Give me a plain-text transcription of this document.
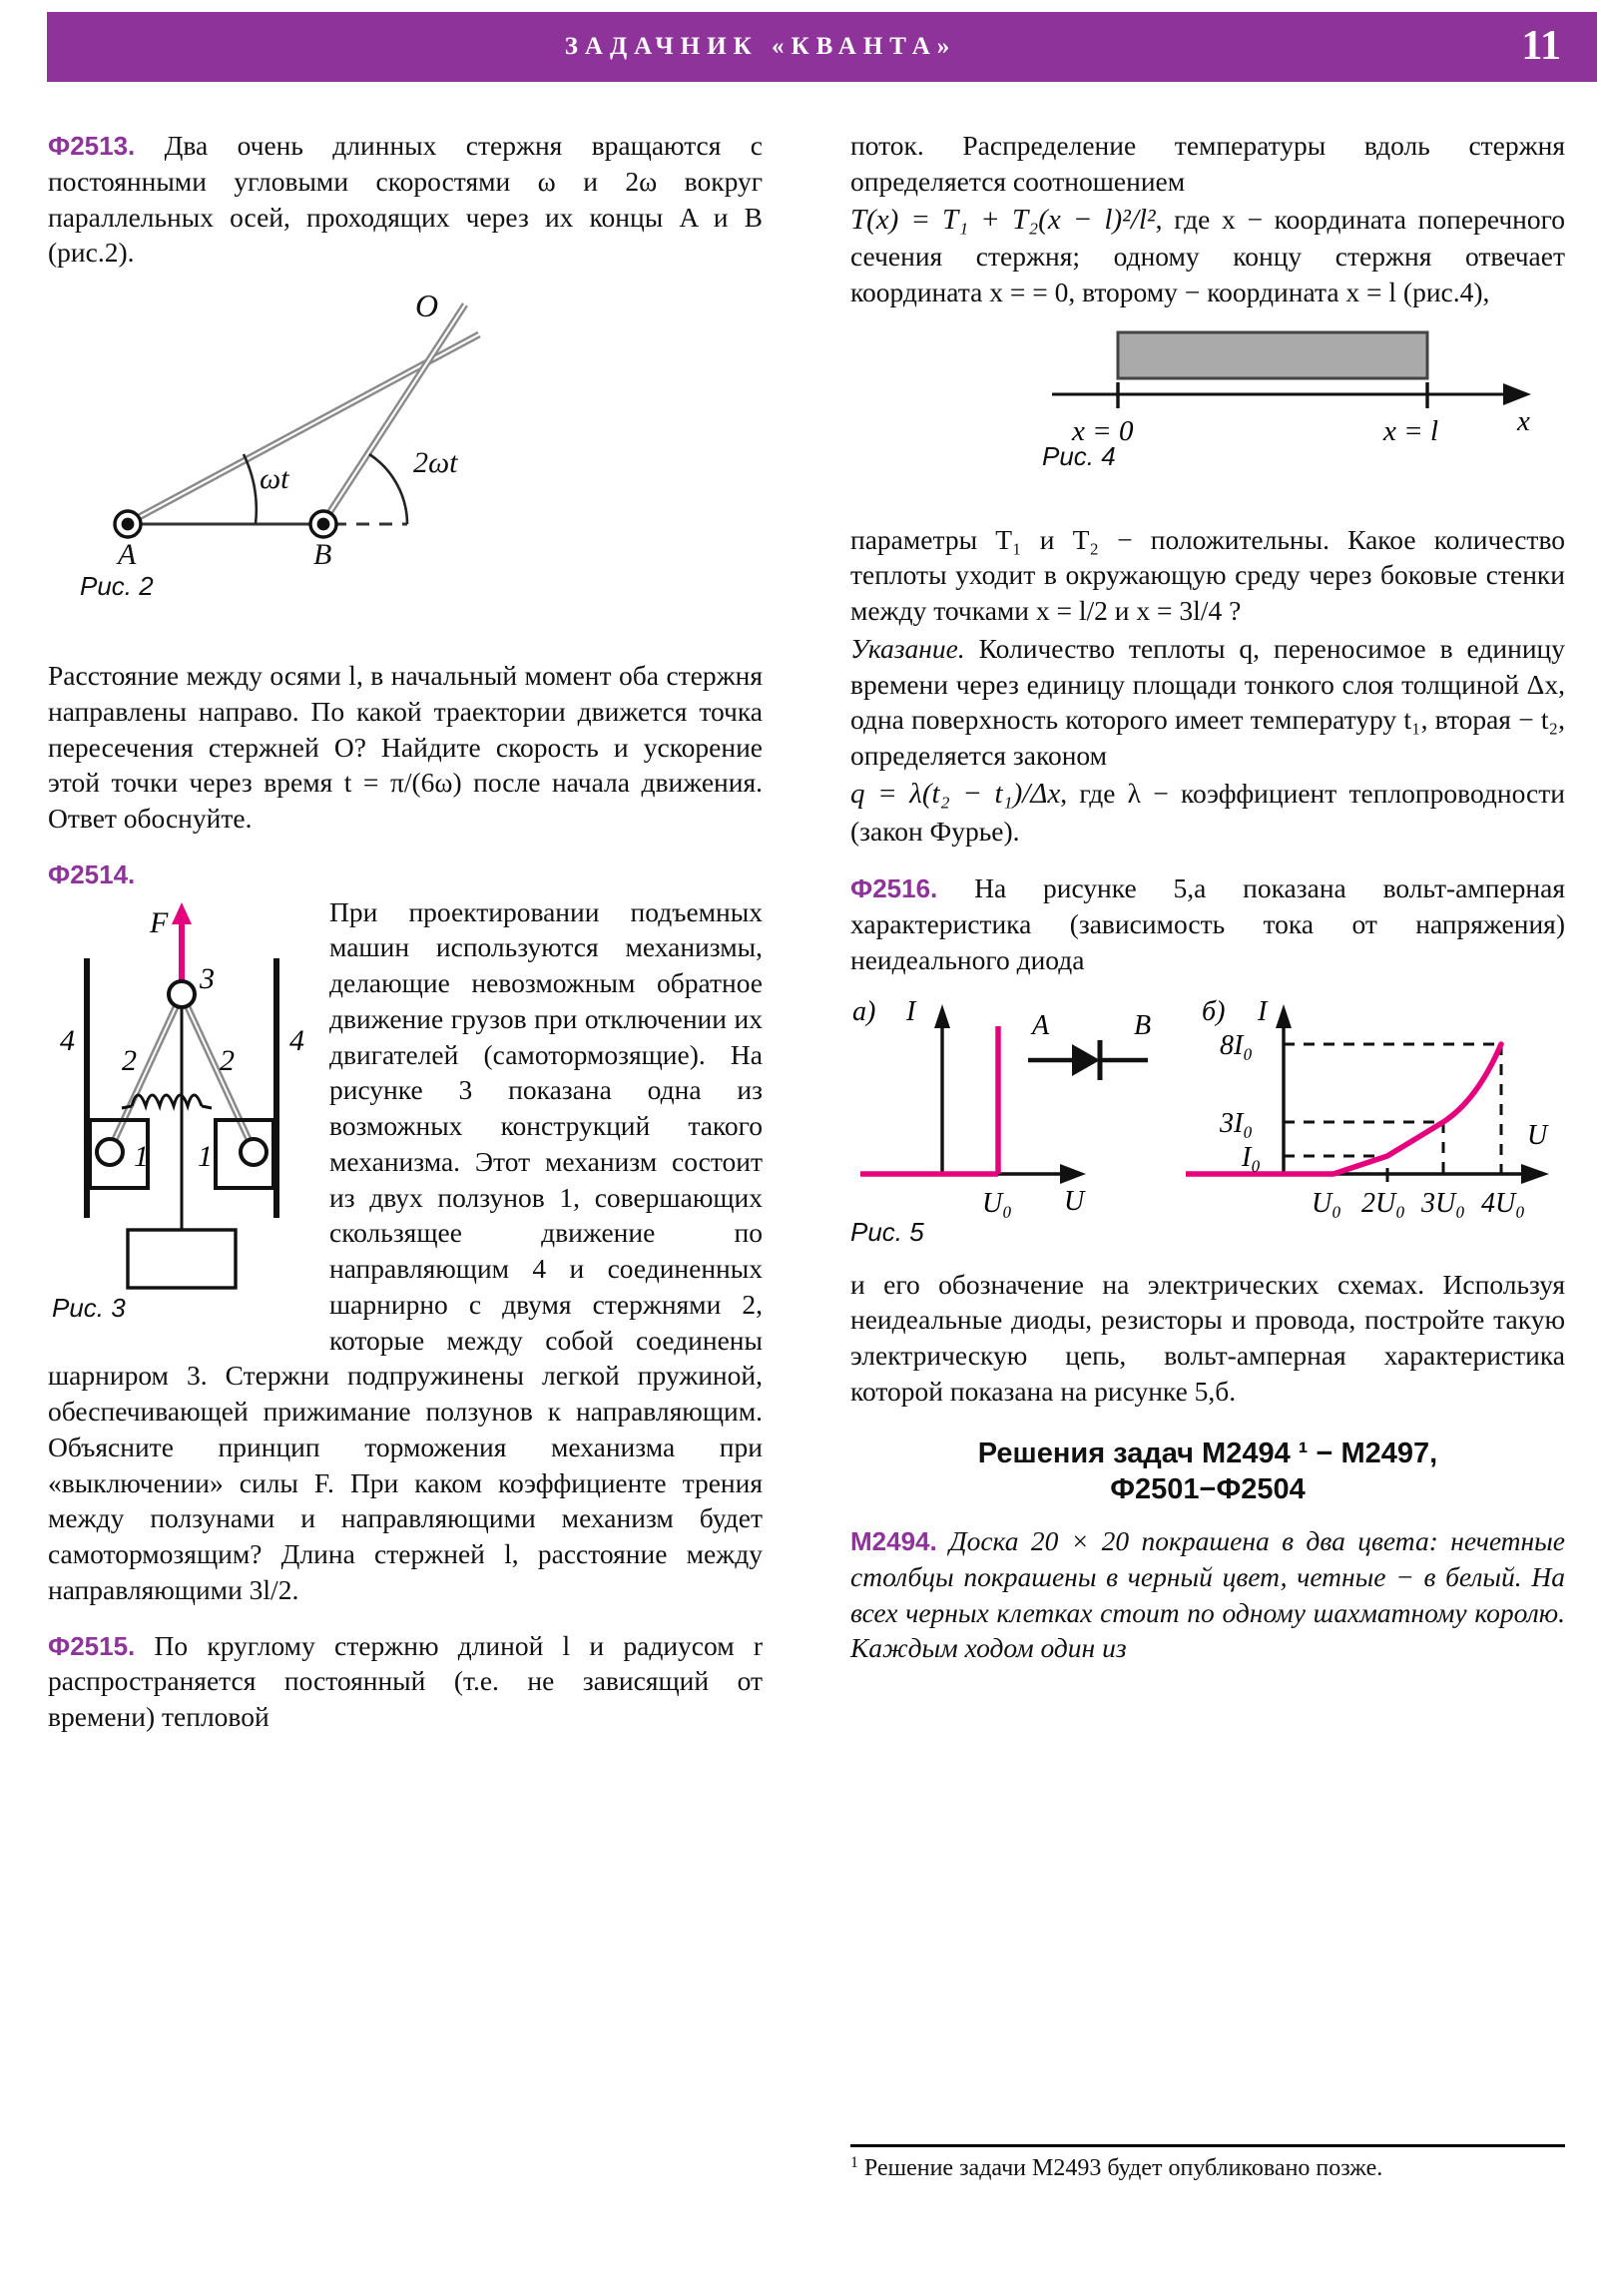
ЗАДАЧНИК «КВАНТА»	11

Ф2513. Два очень длинных стержня вращаются с постоянными угловыми скоростями ω и 2ω вокруг параллельных осей, проходящих через их концы A и B (рис.2).

A	B
O
ωt	2ωt
Рис. 2

Расстояние между осями l, в начальный момент оба стержня направлены направо. По какой траектории движется точка пересечения стержней O? Найдите скорость и ускорение этой точки через время t = π/(6ω) после начала движения. Ответ обоснуйте.

Ф2514.

F
3
4	4
2	2
1 1
Рис. 3

При проектировании подъемных машин используются механизмы, делающие невозможным обратное движение грузов при отключении их двигателей (самотормозящие). На рисунке 3 показана одна из возможных конструкций такого механизма. Этот механизм состоит из двух ползунов 1, совершающих скользящее движение по направляющим 4 и соединенных шарнирно с двумя стержнями 2, которые между собой соединены шарниром 3. Стержни подпружинены легкой пружиной, обеспечивающей прижимание ползунов к направляющим. Объясните принцип торможения механизма при «выключении» силы F. При каком коэффициенте трения между ползунами и направляющими механизм будет самотормозящим? Длина стержней l, расстояние между направляющими 3l/2.

Ф2515. По круглому стержню длиной l и радиусом r распространяется постоянный (т.е. не зависящий от времени) тепловой

поток. Распределение температуры вдоль стержня определяется соотношением

T(x) = T₁ + T₂(x − l)²/l², где x − координата поперечного сечения стержня; одному концу стержня отвечает координата x = = 0, второму − координата x = l (рис.4),

x = 0	x = l	x
Рис. 4

параметры T₁ и T₂ − положительны. Какое количество теплоты уходит в окружающую среду через боковые стенки между точками x = l/2 и x = 3l/4 ?

Указание. Количество теплоты q, переносимое в единицу времени через единицу площади тонкого слоя толщиной Δx, одна поверхность которого имеет температуру t₁, вторая − t₂, определяется законом

q = λ(t₂ − t₁)/Δx, где λ − коэффициент теплопроводности (закон Фурье).

Ф2516. На рисунке 5,а показана вольт-амперная характеристика (зависимость тока от напряжения) неидеального диода

а) I
U₀ U
A	B б) I
8I₀
3I₀
I₀
U₀ 2U₀ 3U₀ 4U₀
U
Рис. 5

и его обозначение на электрических схемах. Используя неидеальные диоды, резисторы и провода, постройте такую электрическую цепь, вольт-амперная характеристика которой показана на рисунке 5,б.

Решения задач М2494 ¹ − М2497,
Ф2501−Ф2504

М2494. Доска 20 × 20 покрашена в два цвета: нечетные столбцы покрашены в черный цвет, четные − в белый. На всех черных клетках стоит по одному шахматному королю. Каждым ходом один из

$^1$ Решение задачи М2493 будет опубликовано позже.
